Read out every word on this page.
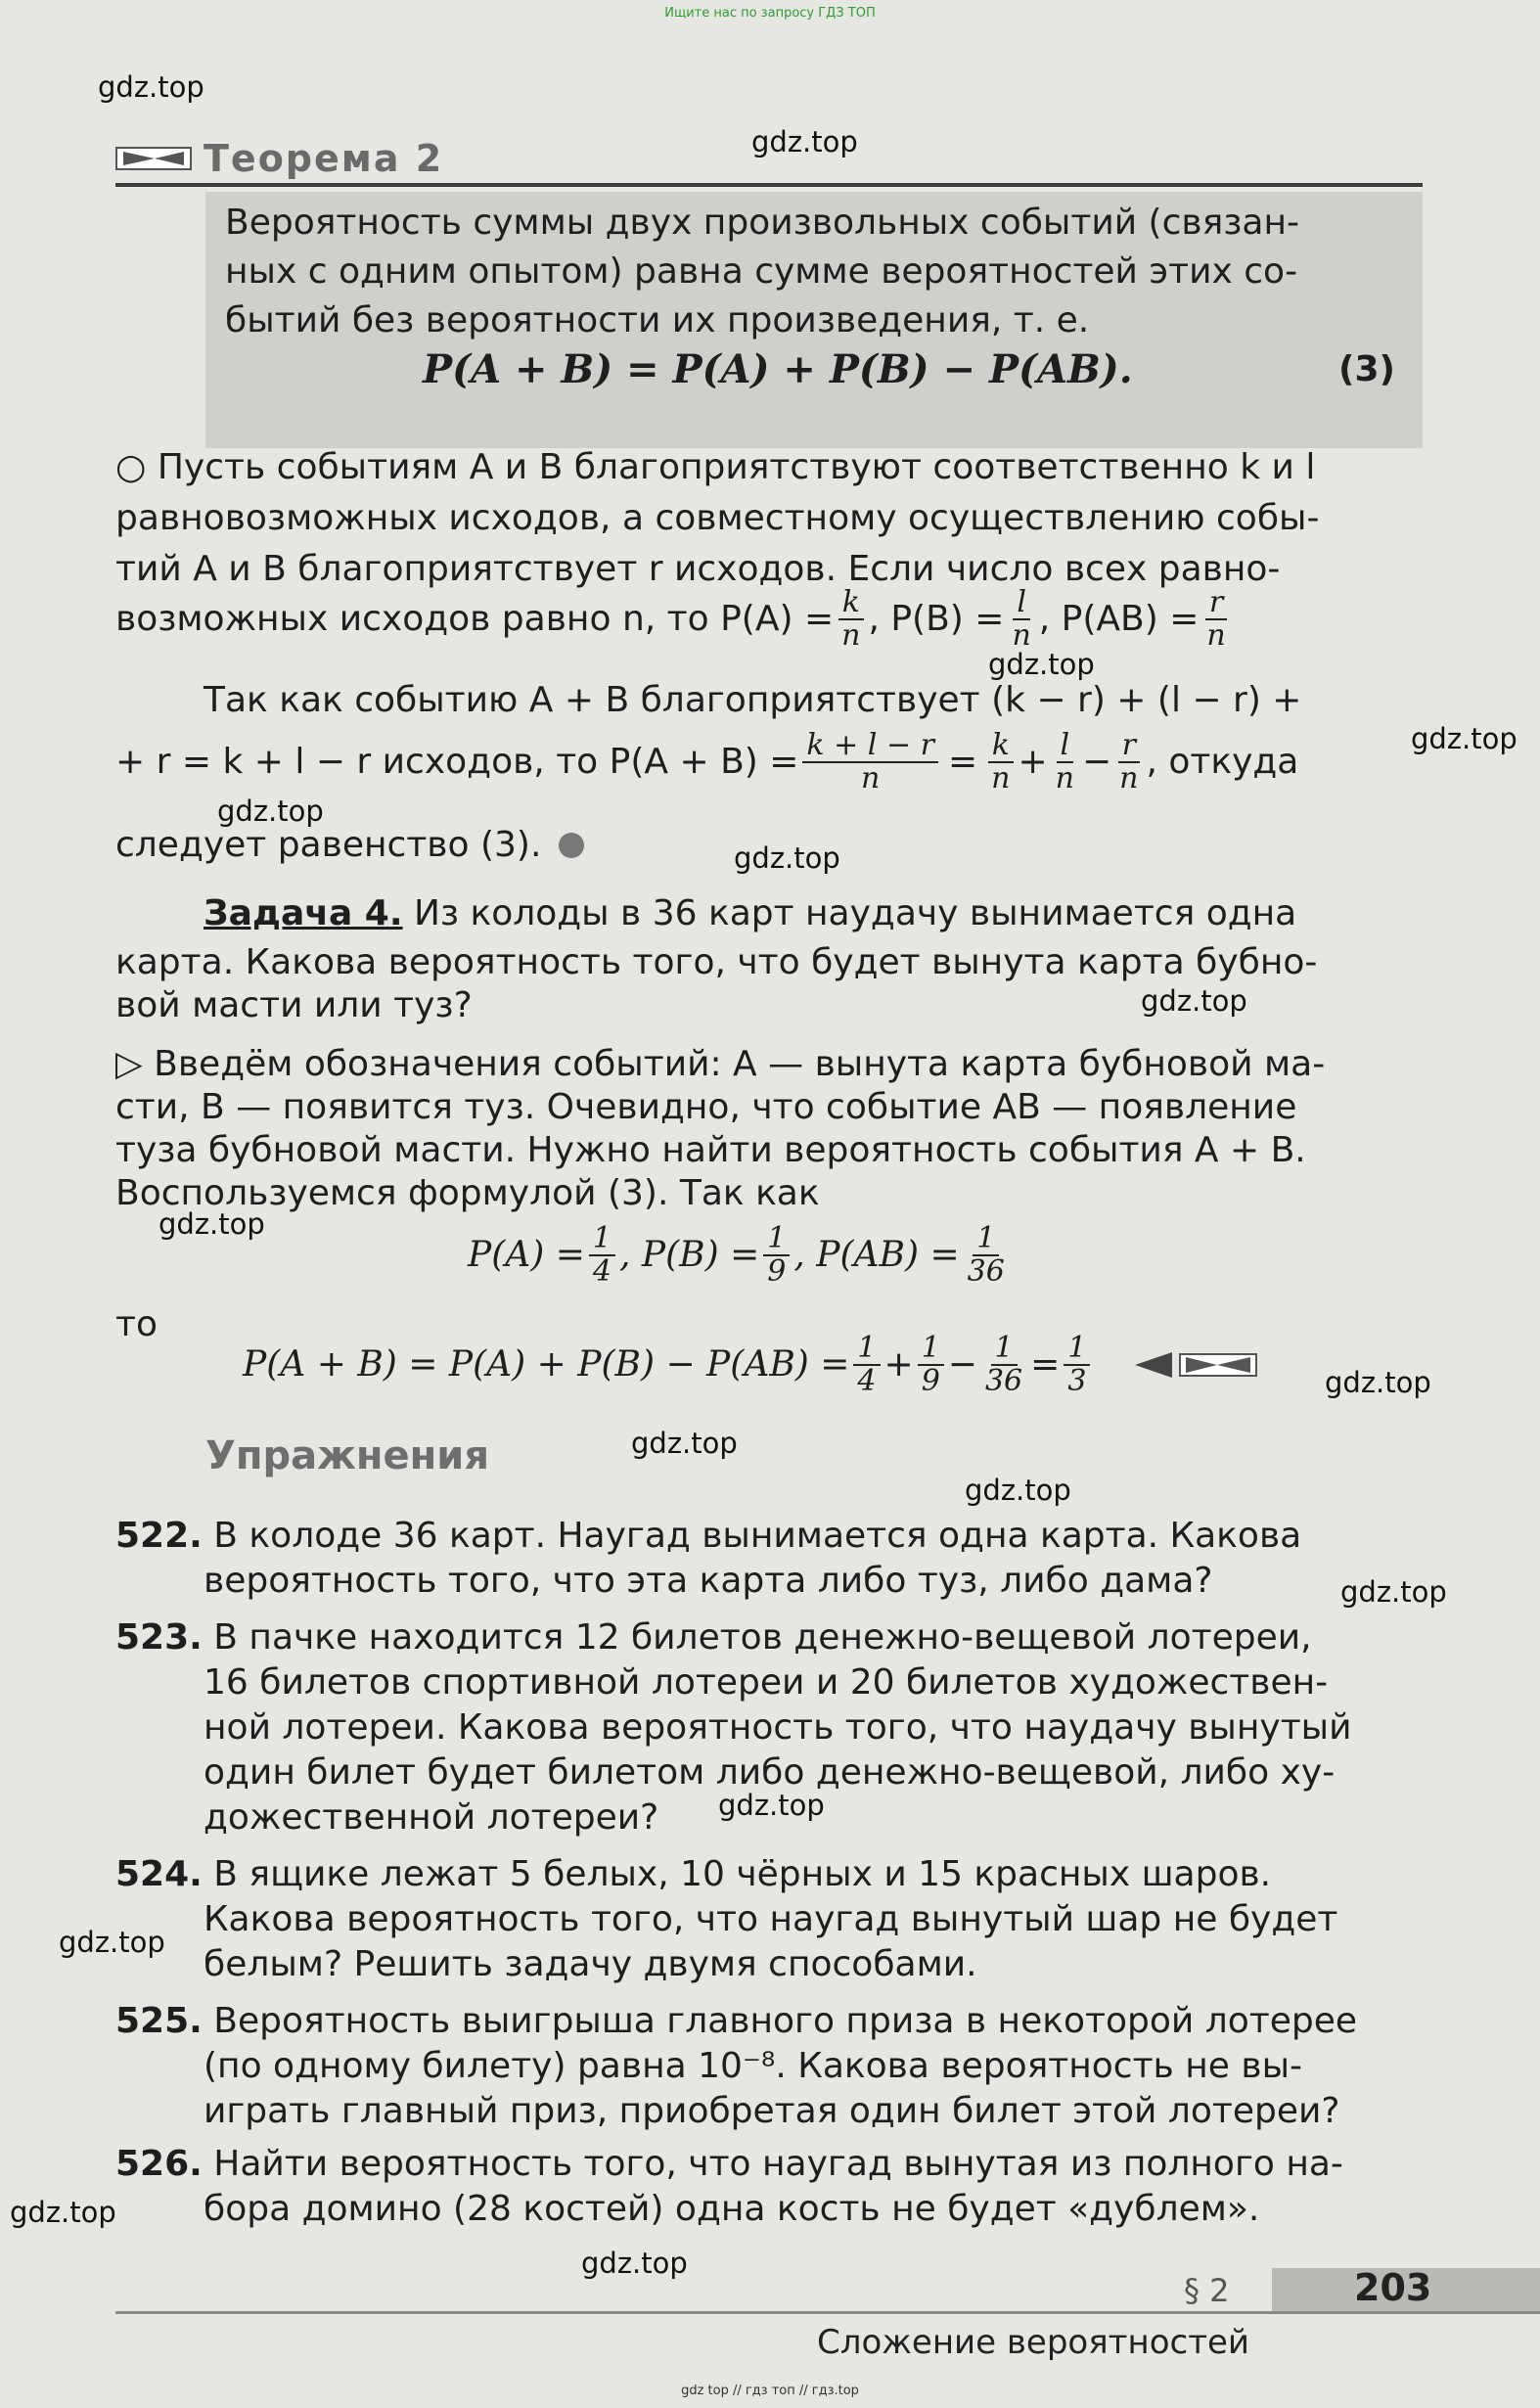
Ищите нас по запросу ГДЗ ТОП
gdz.top
gdz.top
gdz.top
gdz.top
gdz.top
gdz.top
gdz.top
gdz.top
gdz.top
gdz.top
gdz.top
gdz.top
gdz.top
gdz.top
gdz.top
gdz.top
Теорема 2
Вероятность суммы двух произвольных событий (связан-
ных с одним опытом) равна сумме вероятностей этих со-
бытий без вероятности их произведения, т. е.
P(A + B) = P(A) + P(B) − P(AB).	(3)
○ Пусть событиям A и B благоприятствуют соответственно k и l
равновозможных исходов, а совместному осуществлению собы-
тий A и B благоприятствует r исходов. Если число всех равно-
возможных исходов равно n, то $P(A) = \frac{k}{n}$ , $P(B) = \frac{l}{n}$ , $P(AB) = \frac{r}{n}$
Так как событию A + B благоприятствует (k − r) + (l − r) +
+ r = k + l − r исходов, то $P(A + B) = \frac{k + l - r}{n} = \frac{k}{n} + \frac{l}{n} - \frac{r}{n}$ , откуда
следует равенство (3).
Задача 4. Из колоды в 36 карт наудачу вынимается одна
карта. Какова вероятность того, что будет вынута карта бубно-
вой масти или туз?
▷ Введём обозначения событий: A — вынута карта бубновой ма-
сти, B — появится туз. Очевидно, что событие AB — появление
туза бубновой масти. Нужно найти вероятность события A + B.
Воспользуемся формулой (3). Так как
$P(A) = \frac{1}{4}$ , $P(B) = \frac{1}{9}$ , $P(AB) = \frac{1}{36}$
то
$P(A + B) = P(A) + P(B) - P(AB) = \frac{1}{4} + \frac{1}{9} - \frac{1}{36} = \frac{1}{3}$
Упражнения
522. В колоде 36 карт. Наугад вынимается одна карта. Какова
вероятность того, что эта карта либо туз, либо дама?
523. В пачке находится 12 билетов денежно-вещевой лотереи,
16 билетов спортивной лотереи и 20 билетов художествен-
ной лотереи. Какова вероятность того, что наудачу вынутый
один билет будет билетом либо денежно-вещевой, либо ху-
дожественной лотереи?
524. В ящике лежат 5 белых, 10 чёрных и 15 красных шаров.
Какова вероятность того, что наугад вынутый шар не будет
белым? Решить задачу двумя способами.
525. Вероятность выигрыша главного приза в некоторой лотерее
(по одному билету) равна 10⁻⁸. Какова вероятность не вы-
играть главный приз, приобретая один билет этой лотереи?
526. Найти вероятность того, что наугад вынутая из полного на-
бора домино (28 костей) одна кость не будет «дублем».
§ 2	203
Сложение вероятностей
gdz top // гдз топ // гдз.top
